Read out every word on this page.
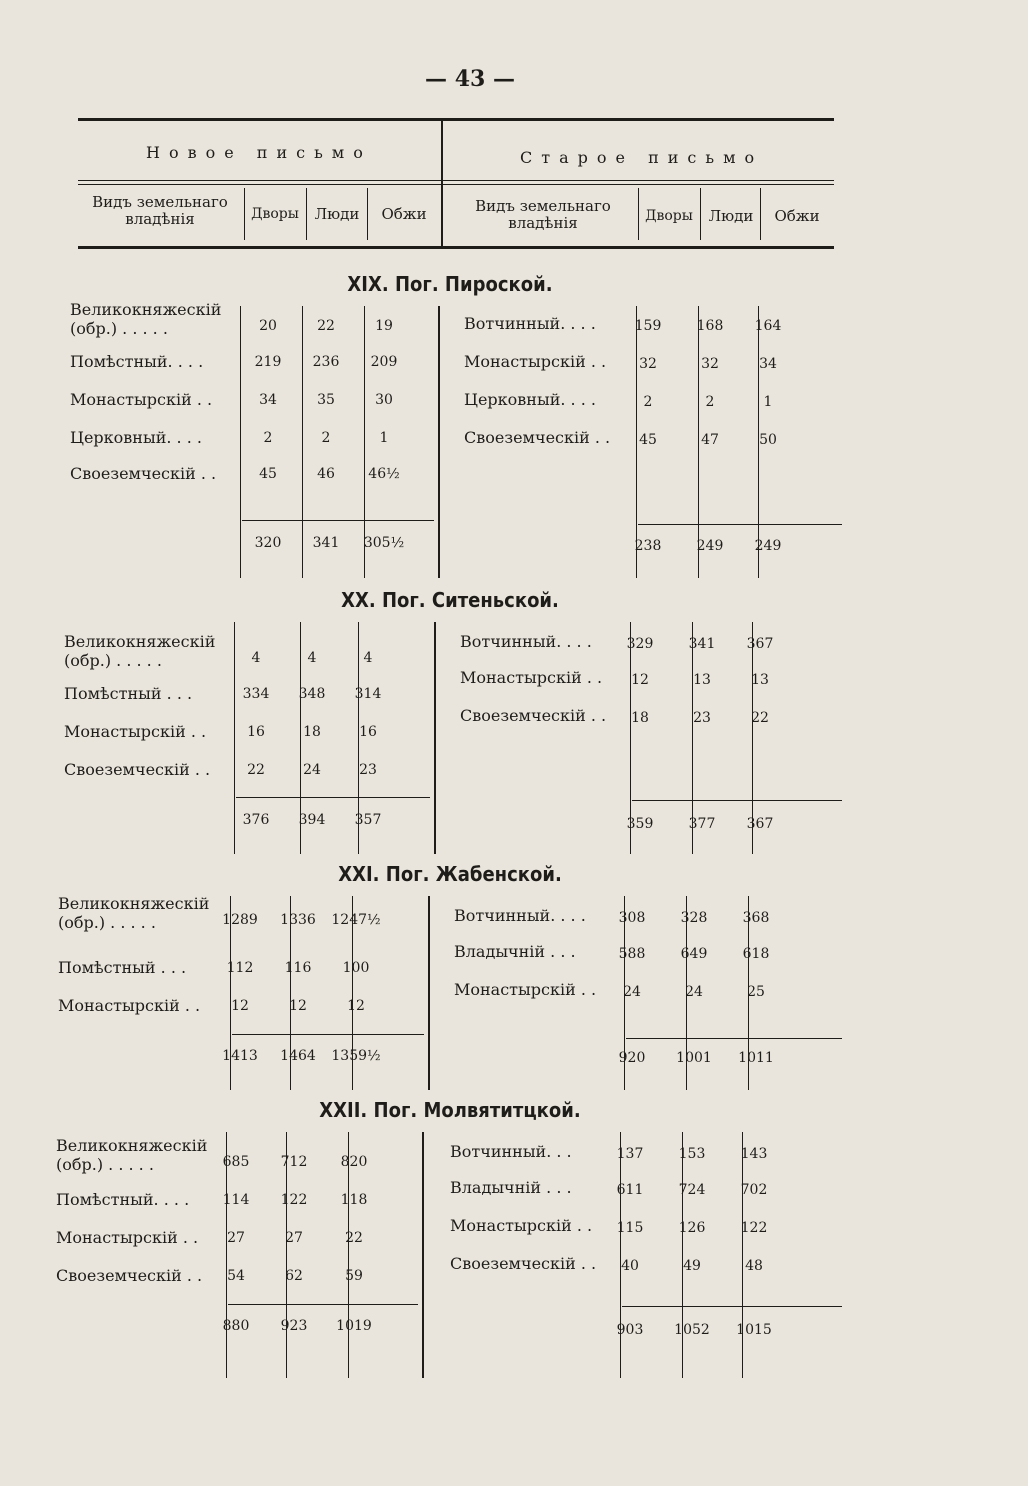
— 43 —
Новое письмо	Старое письмо
Видъ земельнаго владѣнія	Дворы	Люди	Обжи	Видъ земельнаго владѣнія	Дворы	Люди	Обжи
XIX. Пог. Пироской.
Великокняжескій (обр.) . . . . .	20	22	19
Помѣстный. . . .	219	236	209
Монастырскій . .	34	35	30
Церковный. . . .	2	2	1
Своеземческій . .	45	46	46½
320	341	305½
Вотчинный. . . .	159	168	164
Монастырскій . .	32	32	34
Церковный. . . .	2	2	1
Своеземческій . .	45	47	50
238	249	249
XX. Пог. Ситеньской.
Великокняжескій (обр.) . . . . .	4	4	4
Помѣстный . . .	334	348	314
Монастырскій . .	16	18	16
Своеземческій . .	22	24	23
376	394	357
Вотчинный. . . .	329	341	367
Монастырскій . .	12	13	13
Своеземческій . .	18	23	22
359	377	367
XXI. Пог. Жабенской.
Великокняжескій (обр.) . . . . .	1289	1336	1247½
Помѣстный . . .	112	116	100
Монастырскій . .	12	12	12
1413	1464	1359½
Вотчинный. . . .	308	328	368
Владычній . . .	588	649	618
Монастырскій . .	24	24	25
920	1001	1011
XXII. Пог. Молвятитцкой.
Великокняжескій (обр.) . . . . .	685	712	820
Помѣстный. . . .	114	122	118
Монастырскій . .	27	27	22
Своеземческій . .	54	62	59
880	923	1019
Вотчинный. . .	137	153	143
Владычній . . .	611	724	702
Монастырскій . .	115	126	122
Своеземческій . .	40	49	48
903	1052	1015
